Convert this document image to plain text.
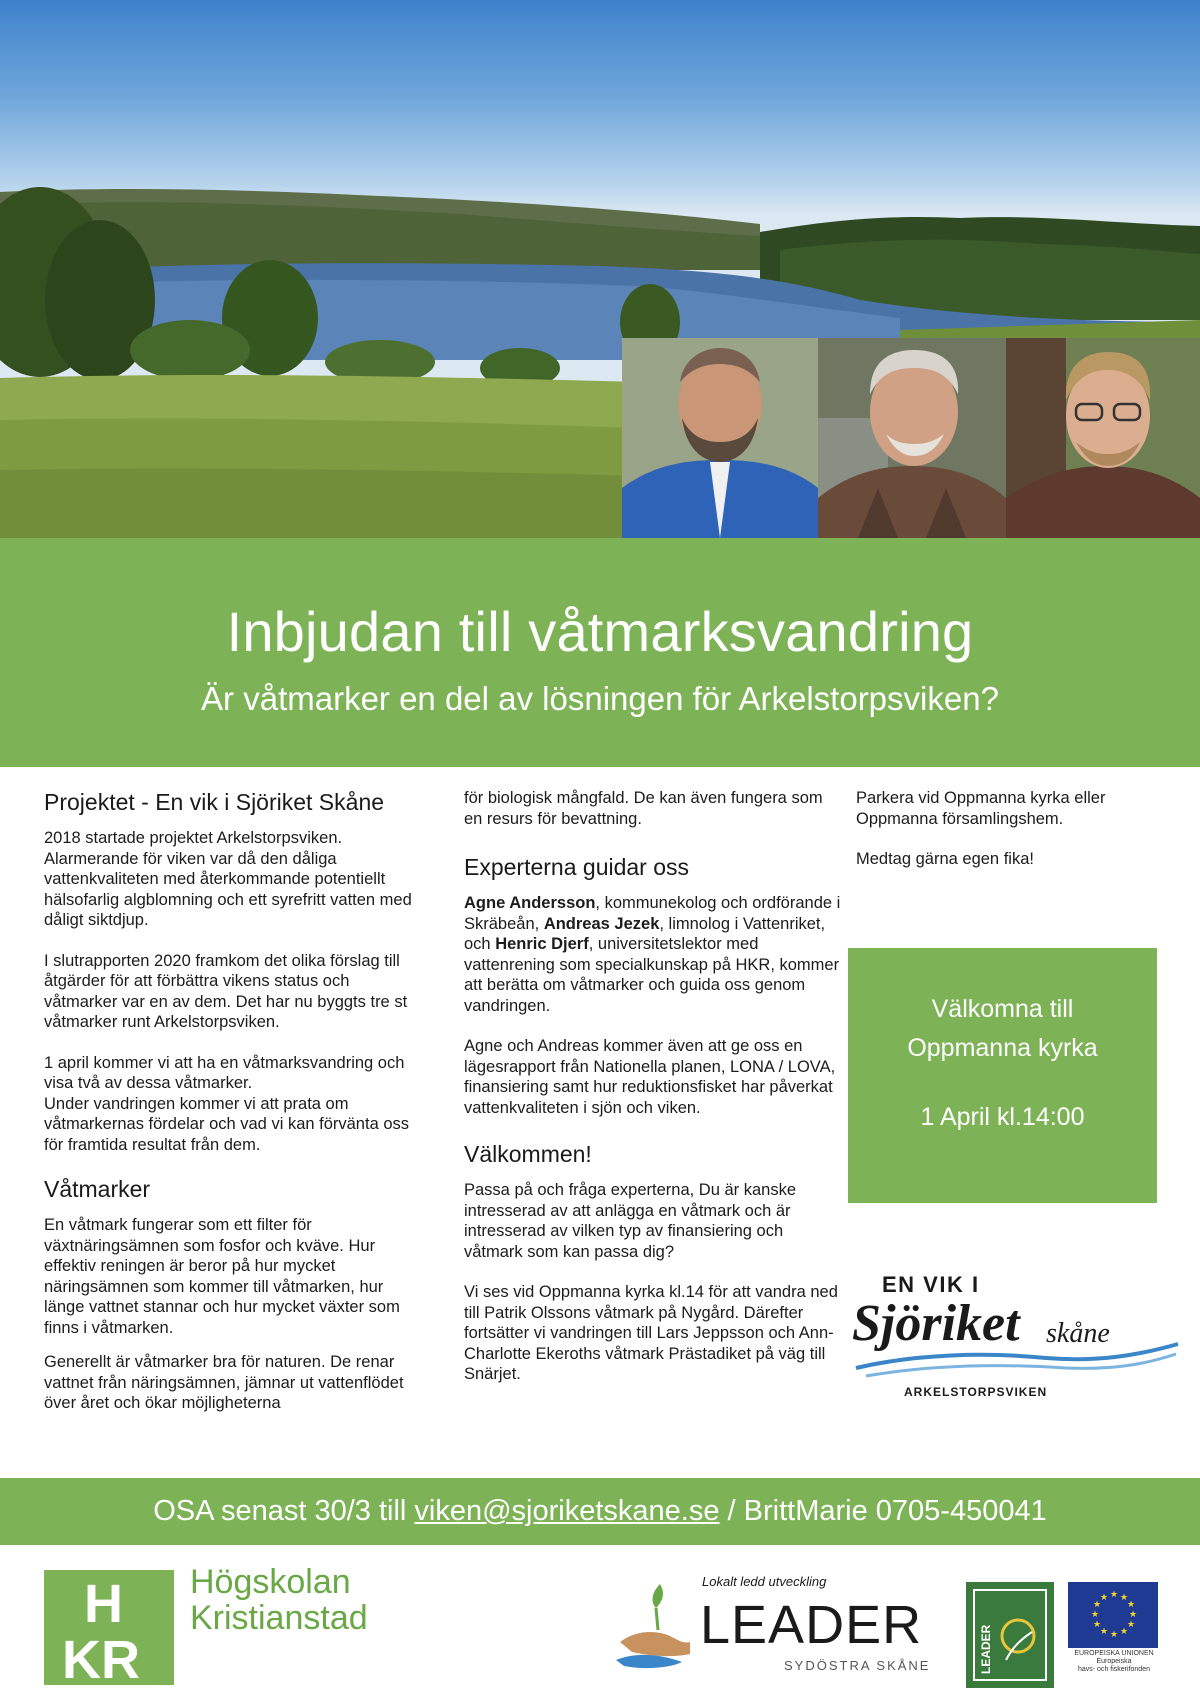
Inbjudan till våtmarksvandring
Är våtmarker en del av lösningen för Arkelstorpsviken?
Projektet - En vik i Sjöriket Skåne

2018 startade projektet Arkelstorpsviken. Alarmerande för viken var då den dåliga vattenkvaliteten med återkommande potentiellt hälsofarlig algblomning och ett syrefritt vatten med dåligt siktdjup.

I slutrapporten 2020 framkom det olika förslag till åtgärder för att förbättra vikens status och våtmarker var en av dem. Det har nu byggts tre st våtmarker runt Arkelstorpsviken.

1 april kommer vi att ha en våtmarksvandring och visa två av dessa våtmarker.

Under vandringen kommer vi att prata om våtmarkernas fördelar och vad vi kan förvänta oss för framtida resultat från dem.

Våtmarker

En våtmark fungerar som ett filter för växtnäringsämnen som fosfor och kväve. Hur effektiv reningen är beror på hur mycket näringsämnen som kommer till våtmarken, hur länge vattnet stannar och hur mycket växter som finns i våtmarken.

Generellt är våtmarker bra för naturen. De renar vattnet från näringsämnen, jämnar ut vattenflödet över året och ökar möjligheterna

för biologisk mångfald. De kan även fungera som en resurs för bevattning.

Experterna guidar oss

Agne Andersson, kommunekolog och ordförande i Skräbeån, Andreas Jezek, limnolog i Vattenriket, och Henric Djerf, universitetslektor med vattenrening som specialkunskap på HKR, kommer att berätta om våtmarker och guida oss genom vandringen.

Agne och Andreas kommer även att ge oss en lägesrapport från Nationella planen, LONA / LOVA, finansiering samt hur reduktionsfisket har påverkat vattenkvaliteten i sjön och viken.

Välkommen!

Passa på och fråga experterna, Du är kanske intresserad av att anlägga en våtmark och är intresserad av vilken typ av finansiering och våtmark som kan passa dig?

Vi ses vid Oppmanna kyrka kl.14 för att vandra ned till Patrik Olssons våtmark på Nygård. Därefter fortsätter vi vandringen till Lars Jeppsson och Ann-Charlotte Ekeroths våtmark Prästadiket på väg till Snärjet.

Parkera vid Oppmanna kyrka eller Oppmanna församlingshem.

Medtag gärna egen fika!

Välkomna till
Oppmanna kyrka
1 April kl.14:00
EN VIK I
Sjöriket skåne
ARKELSTORPSVIKEN
OSA senast 30/3 till viken@sjoriketskane.se / BrittMarie 0705-450041
H
KR
Högskolan
Kristianstad
Lokalt ledd utveckling
LEADER
SYDÖSTRA SKÅNE	LEADER
★ ★
★
★
★
★
★
★
★
★
★
★
EUROPEISKA UNIONEN
Europeiska
havs- och fiskerifonden
